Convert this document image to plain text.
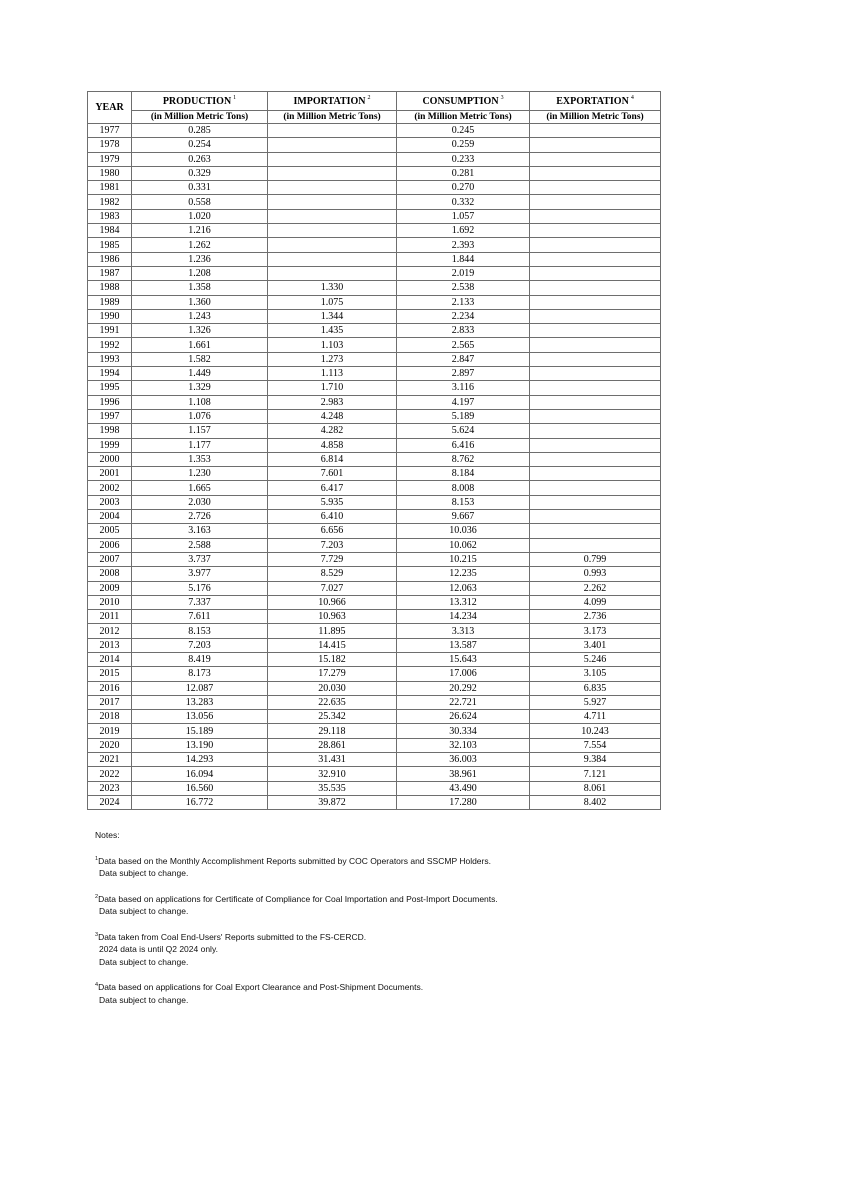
YEAR	PRODUCTION $^1$	IMPORTATION $^2$	CONSUMPTION $^3$	EXPORTATION $^4$
	(in Million Metric Tons)	(in Million Metric Tons)	(in Million Metric Tons)	(in Million Metric Tons)
1977	0.285		0.245	
1978	0.254		0.259	
1979	0.263		0.233	
1980	0.329		0.281	
1981	0.331		0.270	
1982	0.558		0.332	
1983	1.020		1.057	
1984	1.216		1.692	
1985	1.262		2.393	
1986	1.236		1.844	
1987	1.208		2.019	
1988	1.358	1.330	2.538	
1989	1.360	1.075	2.133	
1990	1.243	1.344	2.234	
1991	1.326	1.435	2.833	
1992	1.661	1.103	2.565	
1993	1.582	1.273	2.847	
1994	1.449	1.113	2.897	
1995	1.329	1.710	3.116	
1996	1.108	2.983	4.197	
1997	1.076	4.248	5.189	
1998	1.157	4.282	5.624	
1999	1.177	4.858	6.416	
2000	1.353	6.814	8.762	
2001	1.230	7.601	8.184	
2002	1.665	6.417	8.008	
2003	2.030	5.935	8.153	
2004	2.726	6.410	9.667	
2005	3.163	6.656	10.036	
2006	2.588	7.203	10.062	
2007	3.737	7.729	10.215	0.799
2008	3.977	8.529	12.235	0.993
2009	5.176	7.027	12.063	2.262
2010	7.337	10.966	13.312	4.099
2011	7.611	10.963	14.234	2.736
2012	8.153	11.895	3.313	3.173
2013	7.203	14.415	13.587	3.401
2014	8.419	15.182	15.643	5.246
2015	8.173	17.279	17.006	3.105
2016	12.087	20.030	20.292	6.835
2017	13.283	22.635	22.721	5.927
2018	13.056	25.342	26.624	4.711
2019	15.189	29.118	30.334	10.243
2020	13.190	28.861	32.103	7.554
2021	14.293	31.431	36.003	9.384
2022	16.094	32.910	38.961	7.121
2023	16.560	35.535	43.490	8.061
2024	16.772	39.872	17.280	8.402
Notes:
$^1$Data based on the Monthly Accomplishment Reports submitted by COC Operators and SSCMP Holders.
Data subject to change.
$^2$Data based on applications for Certificate of Compliance for Coal Importation and Post-Import Documents.
Data subject to change.
$^3$Data taken from Coal End-Users' Reports submitted to the FS-CERCD.
2024 data is until Q2 2024 only.
Data subject to change.
$^4$Data based on applications for Coal Export Clearance and Post-Shipment Documents.
Data subject to change.
